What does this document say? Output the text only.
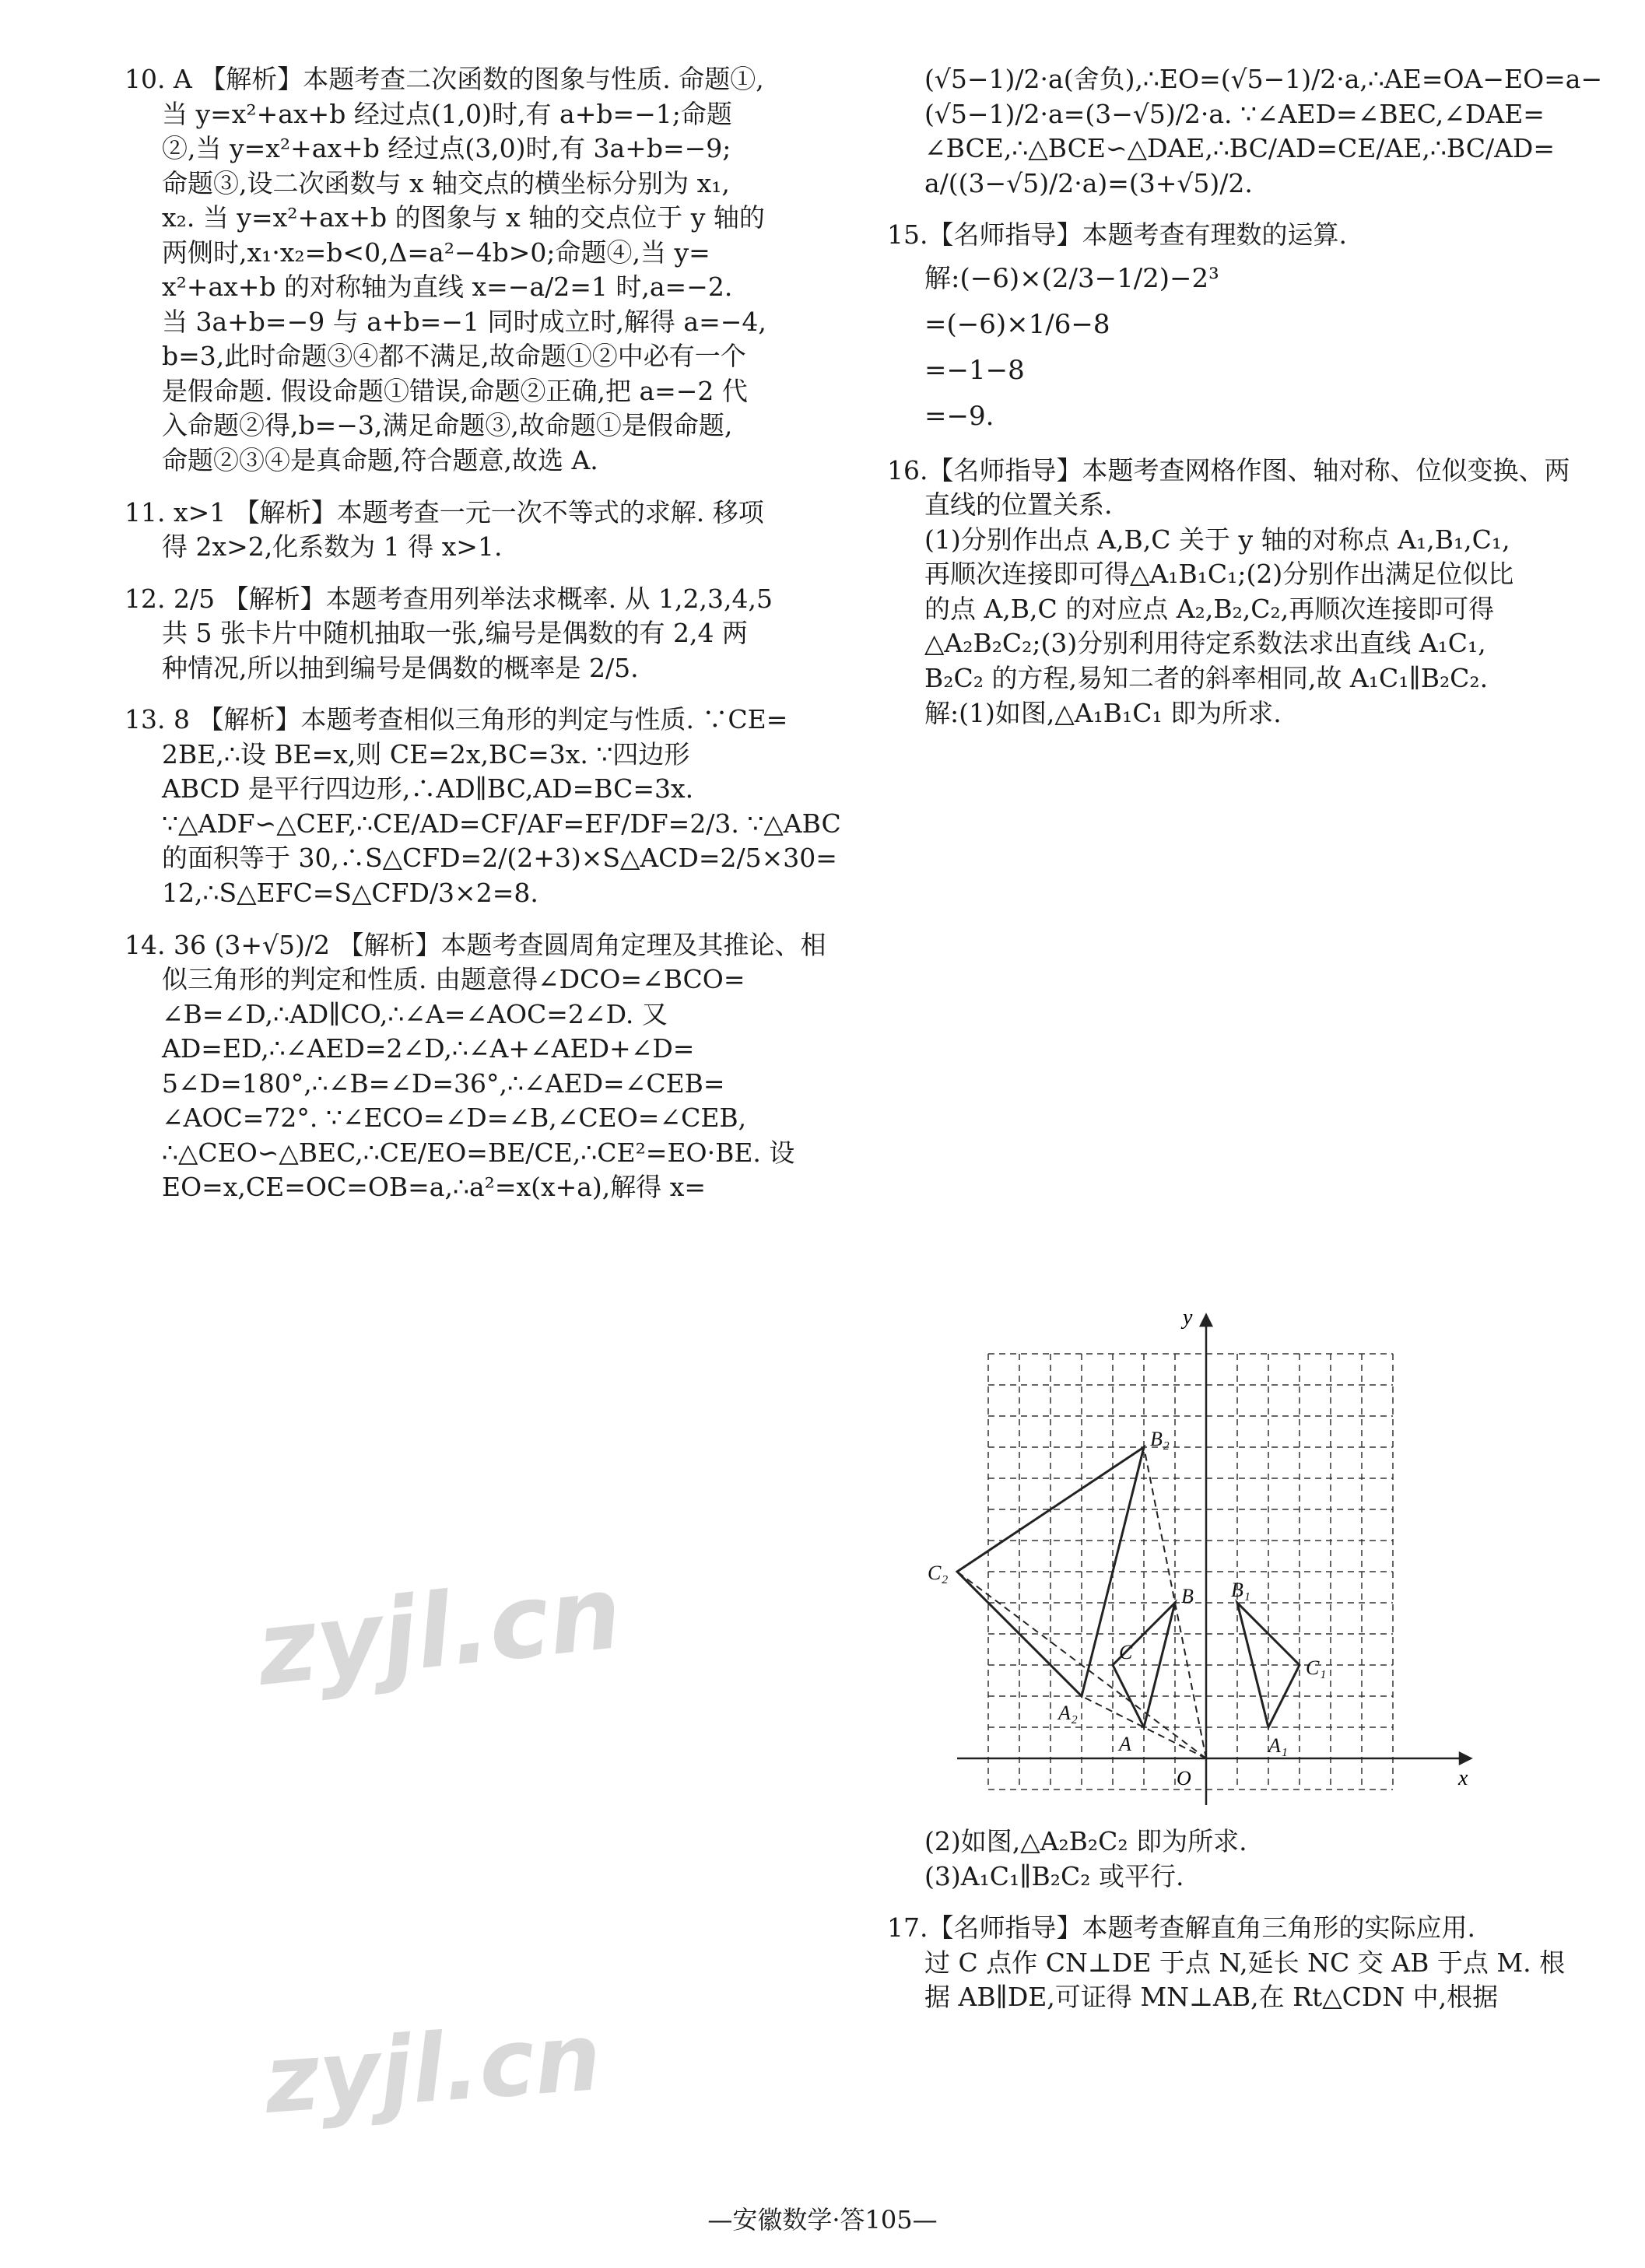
10. A 【解析】本题考查二次函数的图象与性质. 命题①,
当 y=x²+ax+b 经过点(1,0)时,有 a+b=−1;命题
②,当 y=x²+ax+b 经过点(3,0)时,有 3a+b=−9;
命题③,设二次函数与 x 轴交点的横坐标分别为 x₁,
x₂. 当 y=x²+ax+b 的图象与 x 轴的交点位于 y 轴的
两侧时,x₁·x₂=b<0,Δ=a²−4b>0;命题④,当 y=
x²+ax+b 的对称轴为直线 x=−a/2=1 时,a=−2.
当 3a+b=−9 与 a+b=−1 同时成立时,解得 a=−4,
b=3,此时命题③④都不满足,故命题①②中必有一个
是假命题. 假设命题①错误,命题②正确,把 a=−2 代
入命题②得,b=−3,满足命题③,故命题①是假命题,
命题②③④是真命题,符合题意,故选 A.
11. x>1 【解析】本题考查一元一次不等式的求解. 移项
得 2x>2,化系数为 1 得 x>1.
12. 2/5 【解析】本题考查用列举法求概率. 从 1,2,3,4,5
共 5 张卡片中随机抽取一张,编号是偶数的有 2,4 两
种情况,所以抽到编号是偶数的概率是 2/5.
13. 8 【解析】本题考查相似三角形的判定与性质. ∵CE=
2BE,∴设 BE=x,则 CE=2x,BC=3x. ∵四边形
ABCD 是平行四边形,∴AD∥BC,AD=BC=3x.
∵△ADF∽△CEF,∴CE/AD=CF/AF=EF/DF=2/3. ∵△ABC
的面积等于 30,∴S△CFD=2/(2+3)×S△ACD=2/5×30=
12,∴S△EFC=S△CFD/3×2=8.
14. 36 (3+√5)/2 【解析】本题考查圆周角定理及其推论、相
似三角形的判定和性质. 由题意得∠DCO=∠BCO=
∠B=∠D,∴AD∥CO,∴∠A=∠AOC=2∠D. 又
AD=ED,∴∠AED=2∠D,∴∠A+∠AED+∠D=
5∠D=180°,∴∠B=∠D=36°,∴∠AED=∠CEB=
∠AOC=72°. ∵∠ECO=∠D=∠B,∠CEO=∠CEB,
∴△CEO∽△BEC,∴CE/EO=BE/CE,∴CE²=EO·BE. 设
EO=x,CE=OC=OB=a,∴a²=x(x+a),解得 x=
(√5−1)/2·a(舍负),∴EO=(√5−1)/2·a,∴AE=OA−EO=a−
(√5−1)/2·a=(3−√5)/2·a. ∵∠AED=∠BEC,∠DAE=
∠BCE,∴△BCE∽△DAE,∴BC/AD=CE/AE,∴BC/AD=
a/((3−√5)/2·a)=(3+√5)/2.
15.【名师指导】本题考查有理数的运算.
解:(−6)×(2/3−1/2)−2³
=(−6)×1/6−8
=−1−8
=−9.
16.【名师指导】本题考查网格作图、轴对称、位似变换、两
直线的位置关系.
(1)分别作出点 A,B,C 关于 y 轴的对称点 A₁,B₁,C₁,
再顺次连接即可得△A₁B₁C₁;(2)分别作出满足位似比
的点 A,B,C 的对应点 A₂,B₂,C₂,再顺次连接即可得
△A₂B₂C₂;(3)分别利用待定系数法求出直线 A₁C₁,
B₂C₂ 的方程,易知二者的斜率相同,故 A₁C₁∥B₂C₂.
解:(1)如图,△A₁B₁C₁ 即为所求.
x
y
O
A
B
C
A₁
B₁
C₁
A₂
B₂
C₂
(2)如图,△A₂B₂C₂ 即为所求.
(3)A₁C₁∥B₂C₂ 或平行.
17.【名师指导】本题考查解直角三角形的实际应用.
过 C 点作 CN⊥DE 于点 N,延长 NC 交 AB 于点 M. 根
据 AB∥DE,可证得 MN⊥AB,在 Rt△CDN 中,根据
zyjl.cn
zyjl.cn
—安徽数学·答105—
